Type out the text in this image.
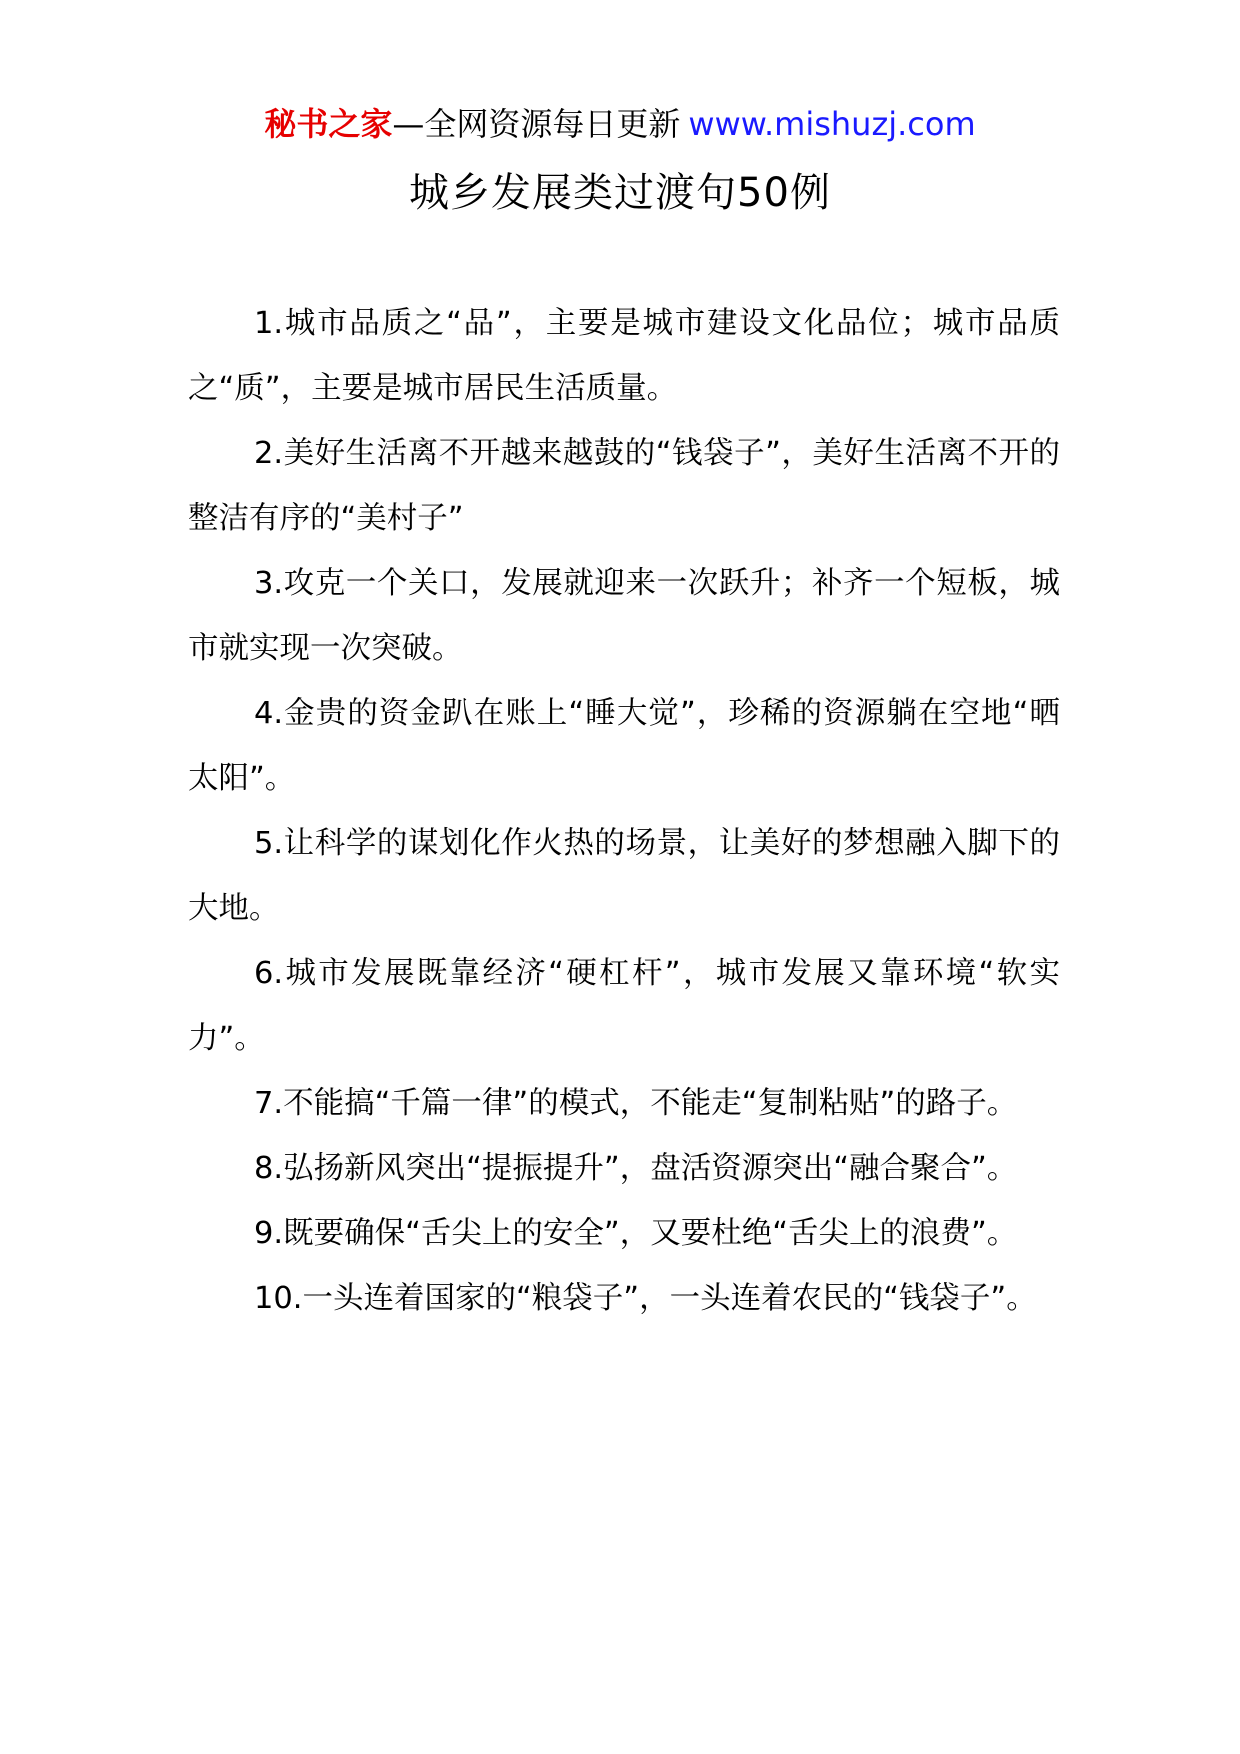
秘书之家—全网资源每日更新 www.mishuzj.com
城乡发展类过渡句50例

1.城市品质之“品”，主要是城市建设文化品位；城市品质之“质”，主要是城市居民生活质量。

2.美好生活离不开越来越鼓的“钱袋子”，美好生活离不开的整洁有序的“美村子”

3.攻克一个关口，发展就迎来一次跃升；补齐一个短板，城市就实现一次突破。

4.金贵的资金趴在账上“睡大觉”，珍稀的资源躺在空地“晒太阳”。

5.让科学的谋划化作火热的场景，让美好的梦想融入脚下的大地。

6.城市发展既靠经济“硬杠杆”，城市发展又靠环境“软实力”。

7.不能搞“千篇一律”的模式，不能走“复制粘贴”的路子。

8.弘扬新风突出“提振提升”，盘活资源突出“融合聚合”。

9.既要确保“舌尖上的安全”，又要杜绝“舌尖上的浪费”。

10.一头连着国家的“粮袋子”，一头连着农民的“钱袋子”。
